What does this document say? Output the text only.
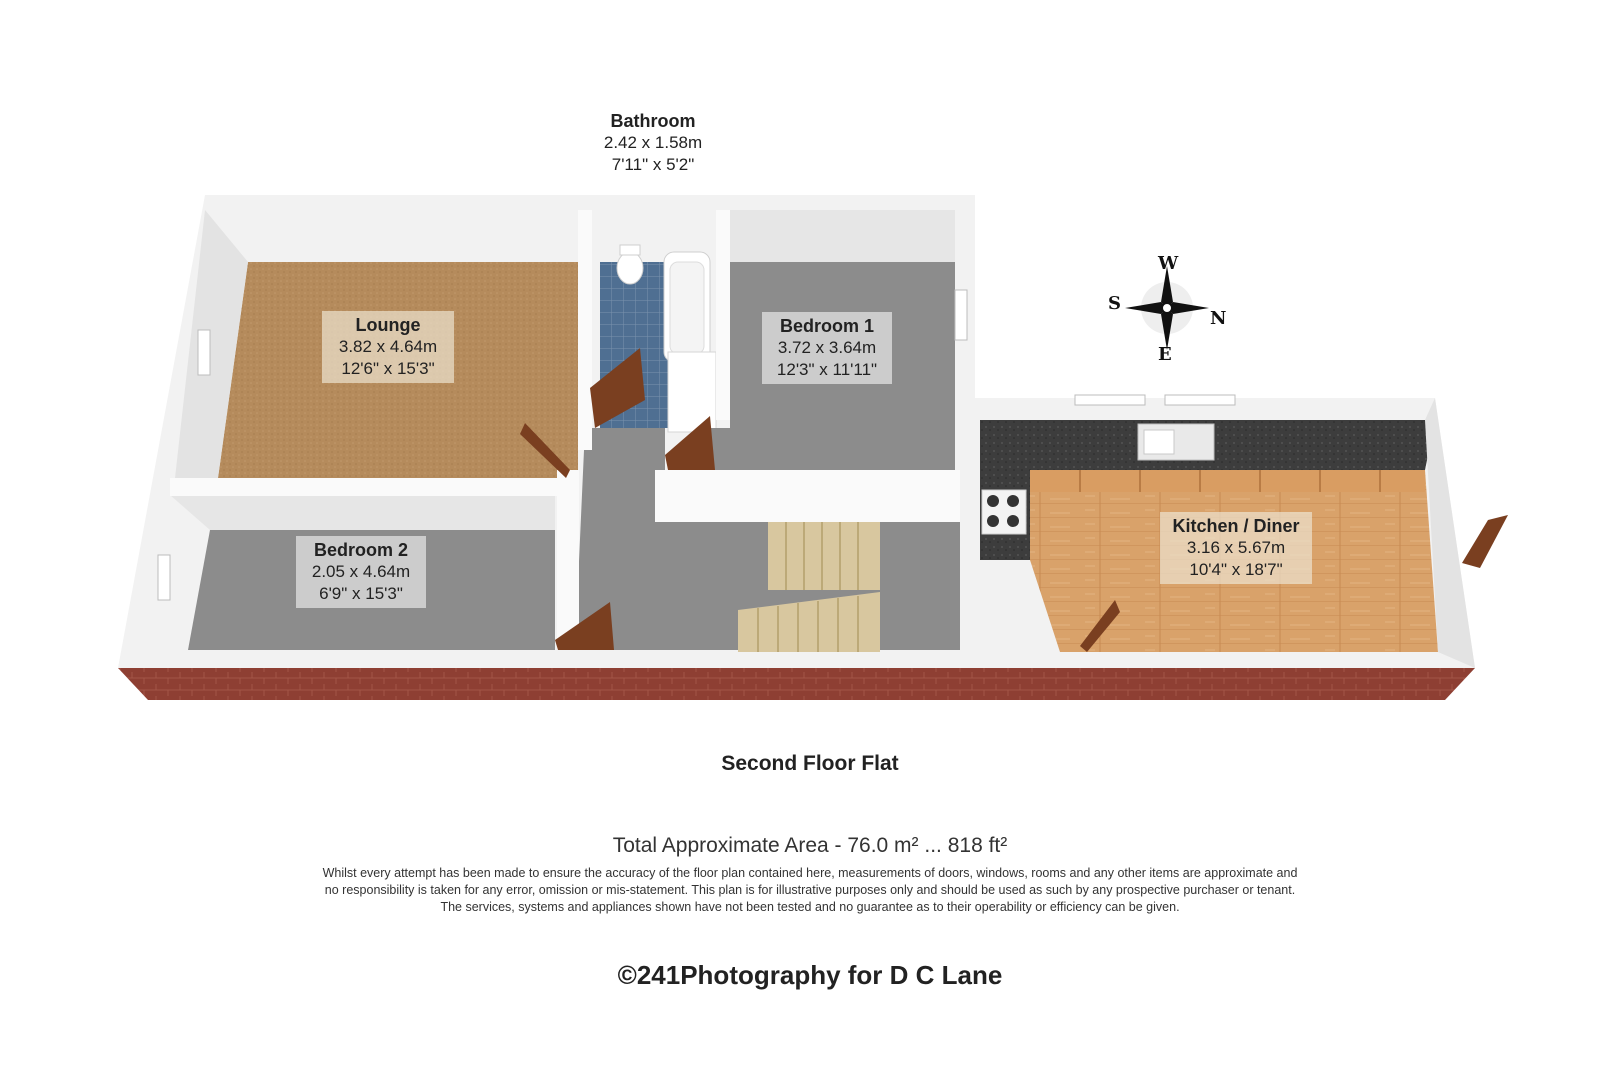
W
E
S
N
Bathroom
2.42 x 1.58m
7'11" x 5'2"
Lounge
3.82 x 4.64m
12'6" x 15'3"
Bedroom 1
3.72 x 3.64m
12'3" x 11'11"
Bedroom 2
2.05 x 4.64m
6'9" x 15'3"
Kitchen / Diner
3.16 x 5.67m
10'4" x 18'7"
Second Floor Flat
Total Approximate Area - 76.0 m² ... 818 ft²
Whilst every attempt has been made to ensure the accuracy of the floor plan contained here, measurements of doors, windows, rooms and any other items are approximate and
no responsibility is taken for any error, omission or mis-statement. This plan is for illustrative purposes only and should be used as such by any prospective purchaser or tenant.
The services, systems and appliances shown have not been tested and no guarantee as to their operability or efficiency can be given.
©241Photography for D C Lane
